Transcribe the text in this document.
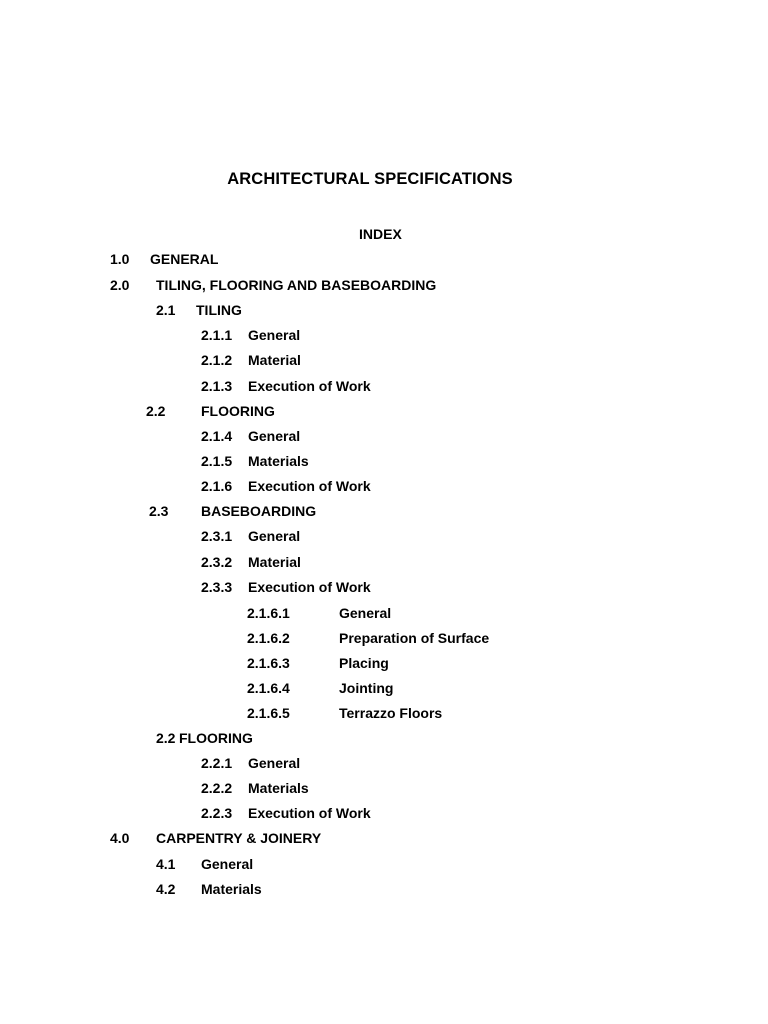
ARCHITECTURAL SPECIFICATIONS
INDEX
1.0 GENERAL
2.0 TILING, FLOORING AND BASEBOARDING
2.1 TILING
2.1.1 General
2.1.2 Material
2.1.3 Execution of Work
2.2	FLOORING
2.1.4 General
2.1.5 Materials
2.1.6 Execution of Work
2.3 BASEBOARDING
2.3.1 General
2.3.2 Material
2.3.3 Execution of Work
2.1.6.1	General
2.1.6.2	Preparation of Surface
2.1.6.3	Placing
2.1.6.4	Jointing
2.1.6.5	Terrazzo Floors
2.2 FLOORING
2.2.1 General
2.2.2 Materials
2.2.3 Execution of Work
4.0 CARPENTRY & JOINERY
4.1 General
4.2 Materials
